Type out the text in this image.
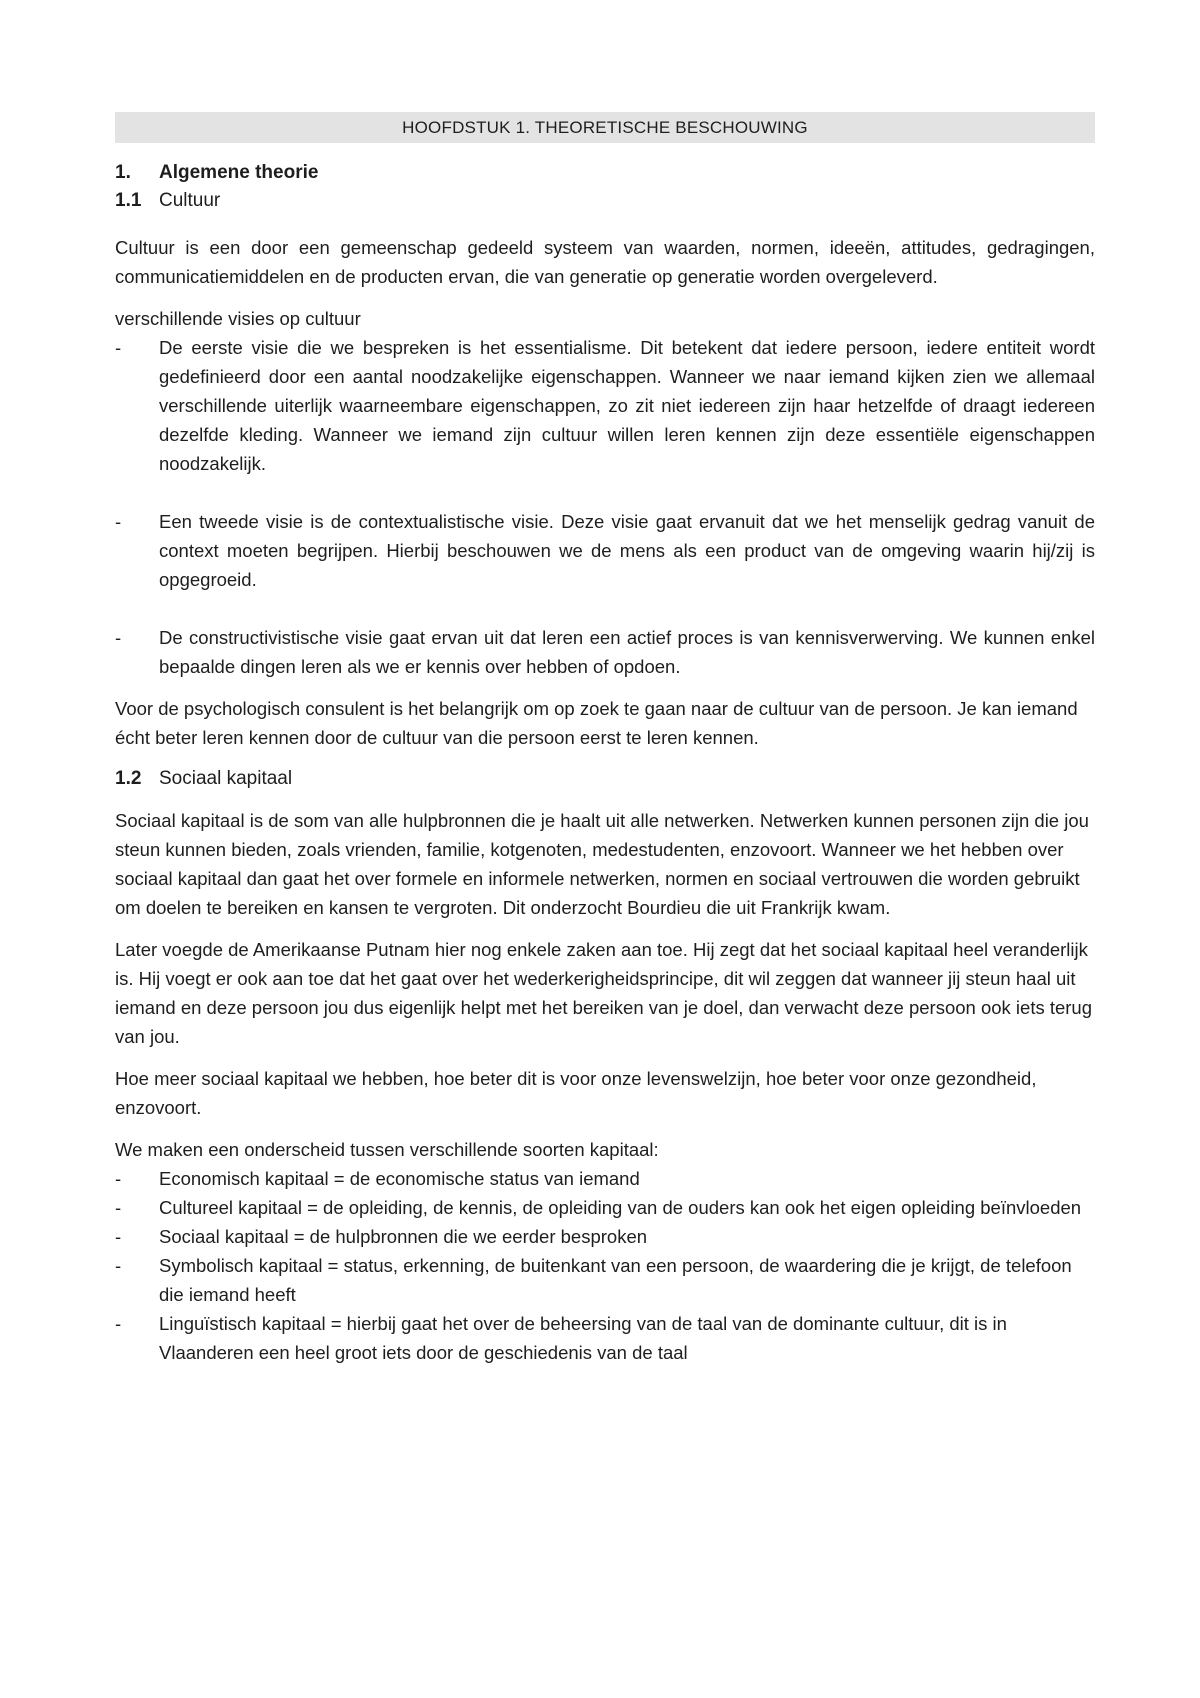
HOOFDSTUK 1. THEORETISCHE BESCHOUWING
1. Algemene theorie
1.1 Cultuur

Cultuur is een door een gemeenschap gedeeld systeem van waarden, normen, ideeën, attitudes, gedragingen, communicatiemiddelen en de producten ervan, die van generatie op generatie worden overgeleverd.

verschillende visies op cultuur

- De eerste visie die we bespreken is het essentialisme. Dit betekent dat iedere persoon, iedere entiteit wordt gedefinieerd door een aantal noodzakelijke eigenschappen. Wanneer we naar iemand kijken zien we allemaal verschillende uiterlijk waarneembare eigenschappen, zo zit niet iedereen zijn haar hetzelfde of draagt iedereen dezelfde kleding. Wanneer we iemand zijn cultuur willen leren kennen zijn deze essentiële eigenschappen noodzakelijk.
- Een tweede visie is de contextualistische visie. Deze visie gaat ervanuit dat we het menselijk gedrag vanuit de context moeten begrijpen. Hierbij beschouwen we de mens als een product van de omgeving waarin hij/zij is opgegroeid.
- De constructivistische visie gaat ervan uit dat leren een actief proces is van kennisverwerving. We kunnen enkel bepaalde dingen leren als we er kennis over hebben of opdoen.

Voor de psychologisch consulent is het belangrijk om op zoek te gaan naar de cultuur van de persoon. Je kan iemand écht beter leren kennen door de cultuur van die persoon eerst te leren kennen.

1.2 Sociaal kapitaal

Sociaal kapitaal is de som van alle hulpbronnen die je haalt uit alle netwerken. Netwerken kunnen personen zijn die jou steun kunnen bieden, zoals vrienden, familie, kotgenoten, medestudenten, enzovoort. Wanneer we het hebben over sociaal kapitaal dan gaat het over formele en informele netwerken, normen en sociaal vertrouwen die worden gebruikt om doelen te bereiken en kansen te vergroten. Dit onderzocht Bourdieu die uit Frankrijk kwam.

Later voegde de Amerikaanse Putnam hier nog enkele zaken aan toe. Hij zegt dat het sociaal kapitaal heel veranderlijk is. Hij voegt er ook aan toe dat het gaat over het wederkerigheidsprincipe, dit wil zeggen dat wanneer jij steun haal uit iemand en deze persoon jou dus eigenlijk helpt met het bereiken van je doel, dan verwacht deze persoon ook iets terug van jou.

Hoe meer sociaal kapitaal we hebben, hoe beter dit is voor onze levenswelzijn, hoe beter voor onze gezondheid, enzovoort.

We maken een onderscheid tussen verschillende soorten kapitaal:

- Economisch kapitaal = de economische status van iemand
- Cultureel kapitaal = de opleiding, de kennis, de opleiding van de ouders kan ook het eigen opleiding beïnvloeden
- Sociaal kapitaal = de hulpbronnen die we eerder besproken
- Symbolisch kapitaal = status, erkenning, de buitenkant van een persoon, de waardering die je krijgt, de telefoon die iemand heeft
- Linguïstisch kapitaal = hierbij gaat het over de beheersing van de taal van de dominante cultuur, dit is in Vlaanderen een heel groot iets door de geschiedenis van de taal
